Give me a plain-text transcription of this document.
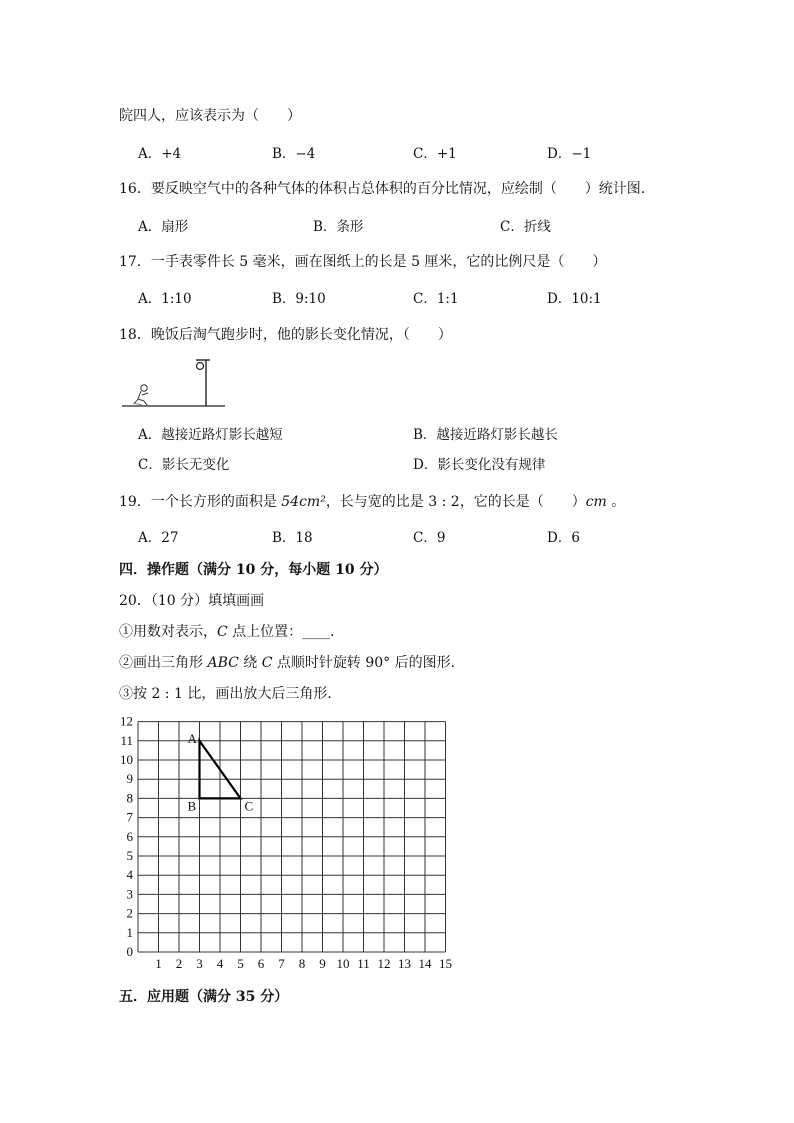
院四人，应该表示为（　　）
A．+4	B．−4	C．+1	D．−1
16．要反映空气中的各种气体的体积占总体积的百分比情况，应绘制（　　）统计图．
A．扇形	B．条形	C．折线
17．一手表零件长 5 毫米，画在图纸上的长是 5 厘米，它的比例尺是（　　）
A．1:10	B．9:10	C．1:1	D．10:1
18．晚饭后淘气跑步时，他的影长变化情况，（　　）
A．越接近路灯影长越短	B．越接近路灯影长越长
C．影长无变化	D．影长变化没有规律
19．一个长方形的面积是 54cm²，长与宽的比是 3 : 2，它的长是（　　）cm 。
A．27	B．18	C．9	D．6
四．操作题（满分 10 分，每小题 10 分）
20．（10 分）填填画画
①用数对表示，C 点上位置：____．
②画出三角形 ABC 绕 C 点顺时针旋转 90° 后的图形．
③按 2 : 1 比，画出放大后三角形．
1 2 3 4 5 6 7 8 9 10 11 12 13 14 15
0
1
2
3
4
5
6
7
8
9
10
11
12
A
B	C
五．应用题（满分 35 分）
